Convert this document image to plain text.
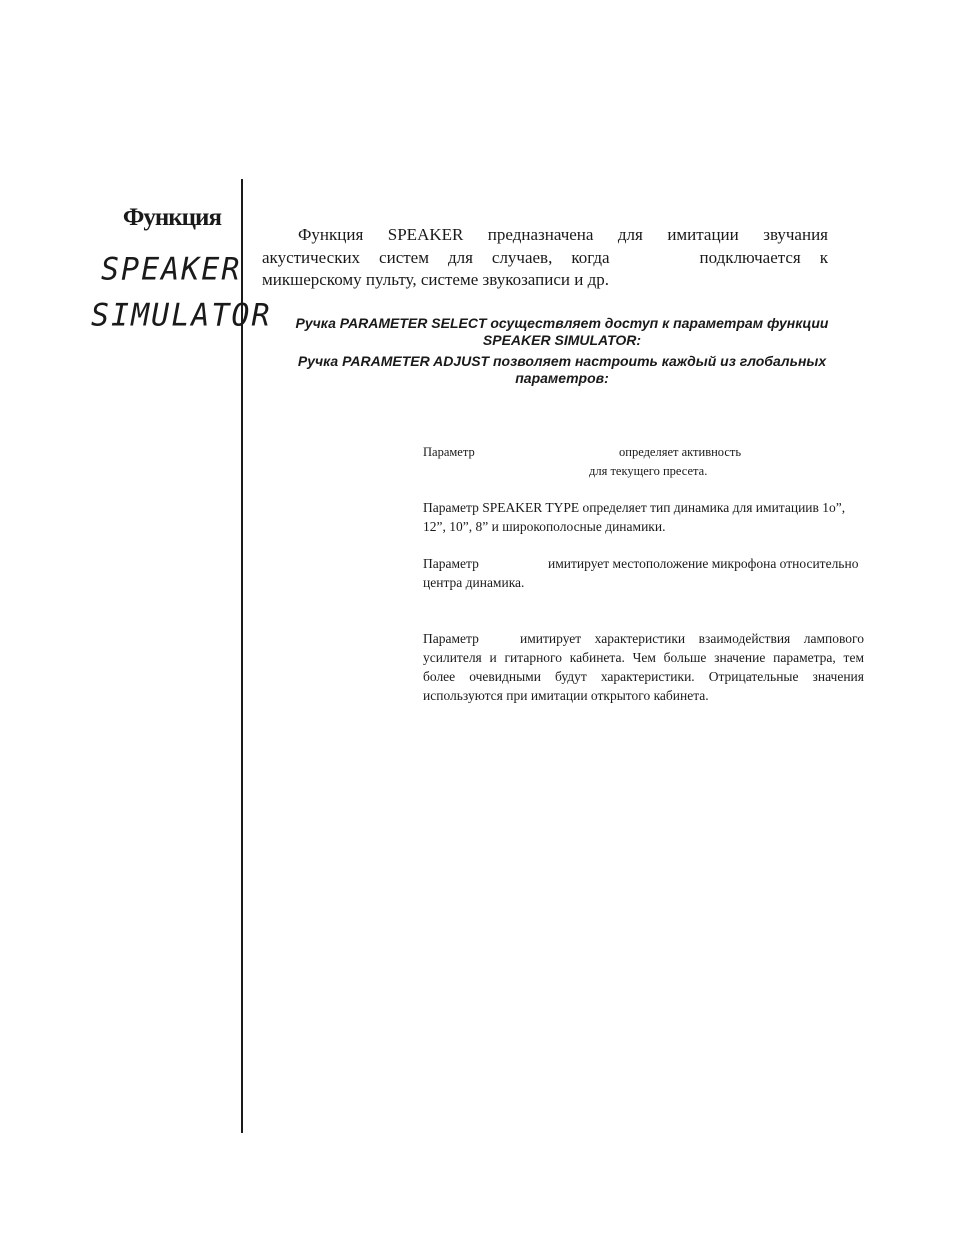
Функция
SPEAKER
SIMULATOR

Функция SPEAKER предназначена для имитации звучания акустических систем для случаев, когда	подключается к микшерскому пульту, системе звукозаписи и др.

Ручка PARAMETER SELECT осуществляет доступ к параметрам функции
SPEAKER SIMULATOR:

Ручка PARAMETER ADJUST позволяет настроить каждый из глобальных
параметров:

Параметр	определяет активность
для текущего пресета.

Параметр SPEAKER TYPE определяет тип динамика для имитациив 1о”, 12”, 10”, 8” и широкополосные динамики.

Параметр	имитирует местоположение микрофона относительно центра динамика.

Параметр	имитирует характеристики взаимодействия лампового усилителя и гитарного кабинета. Чем больше значение параметра, тем более очевидными будут характеристики. Отрицательные значения используются при имитации открытого кабинета.
